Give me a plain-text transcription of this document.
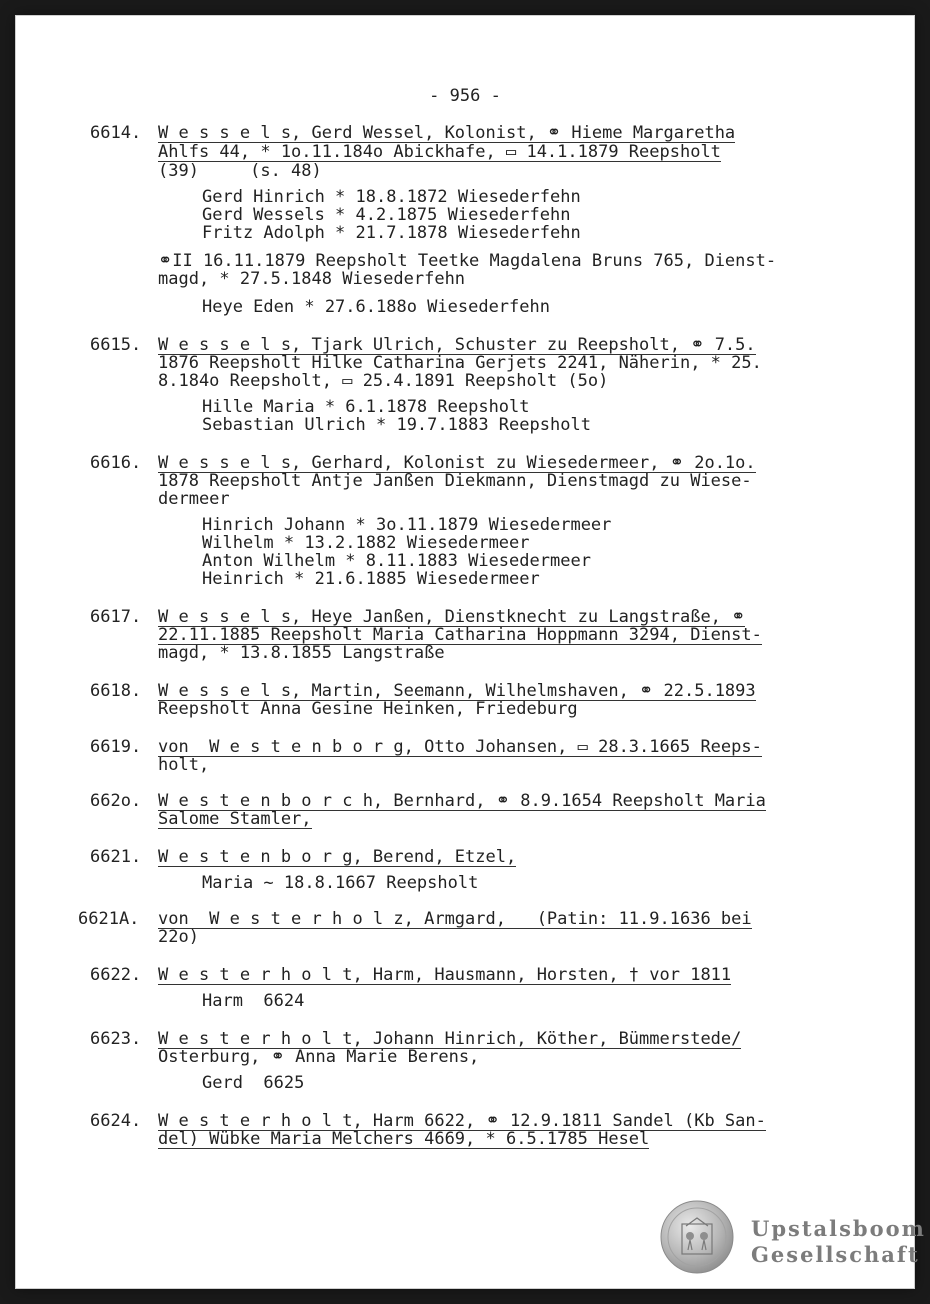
- 956 -
6614. W e s s e l s, Gerd Wessel, Kolonist, ⚭ Hieme Margaretha
Ahlfs 44, * 1o.11.184o Abickhafe, ▭ 14.1.1879 Reepsholt
(39)     (s. 48)
Gerd Hinrich * 18.8.1872 Wiesederfehn
Gerd Wessels * 4.2.1875 Wiesederfehn
Fritz Adolph * 21.7.1878 Wiesederfehn
⚭II 16.11.1879 Reepsholt Teetke Magdalena Bruns 765, Dienst-
magd, * 27.5.1848 Wiesederfehn
Heye Eden * 27.6.188o Wiesederfehn
6615. W e s s e l s, Tjark Ulrich, Schuster zu Reepsholt, ⚭ 7.5.
1876 Reepsholt Hilke Catharina Gerjets 2241, Näherin, * 25.
8.184o Reepsholt, ▭ 25.4.1891 Reepsholt (5o)
Hille Maria * 6.1.1878 Reepsholt
Sebastian Ulrich * 19.7.1883 Reepsholt
6616. W e s s e l s, Gerhard, Kolonist zu Wiesedermeer, ⚭ 2o.1o.
1878 Reepsholt Antje Janßen Diekmann, Dienstmagd zu Wiese-
dermeer
Hinrich Johann * 3o.11.1879 Wiesedermeer
Wilhelm * 13.2.1882 Wiesedermeer
Anton Wilhelm * 8.11.1883 Wiesedermeer
Heinrich * 21.6.1885 Wiesedermeer
6617. W e s s e l s, Heye Janßen, Dienstknecht zu Langstraße, ⚭
22.11.1885 Reepsholt Maria Catharina Hoppmann 3294, Dienst-
magd, * 13.8.1855 Langstraße
6618. W e s s e l s, Martin, Seemann, Wilhelmshaven, ⚭ 22.5.1893
Reepsholt Anna Gesine Heinken, Friedeburg
6619. von  W e s t e n b o r g, Otto Johansen, ▭ 28.3.1665 Reeps-
holt,
662o. W e s t e n b o r c h, Bernhard, ⚭ 8.9.1654 Reepsholt Maria
Salome Stamler,
6621. W e s t e n b o r g, Berend, Etzel,
Maria ~ 18.8.1667 Reepsholt
6621A. von  W e s t e r h o l z, Armgard,   (Patin: 11.9.1636 bei
22o)
6622. W e s t e r h o l t, Harm, Hausmann, Horsten, † vor 1811
Harm  6624
6623. W e s t e r h o l t, Johann Hinrich, Köther, Bümmerstede/
Osterburg, ⚭ Anna Marie Berens,
Gerd  6625
6624. W e s t e r h o l t, Harm 6622, ⚭ 12.9.1811 Sandel (Kb San-
del) Wübke Maria Melchers 4669, * 6.5.1785 Hesel
Upstalsboom
Gesellschaft
